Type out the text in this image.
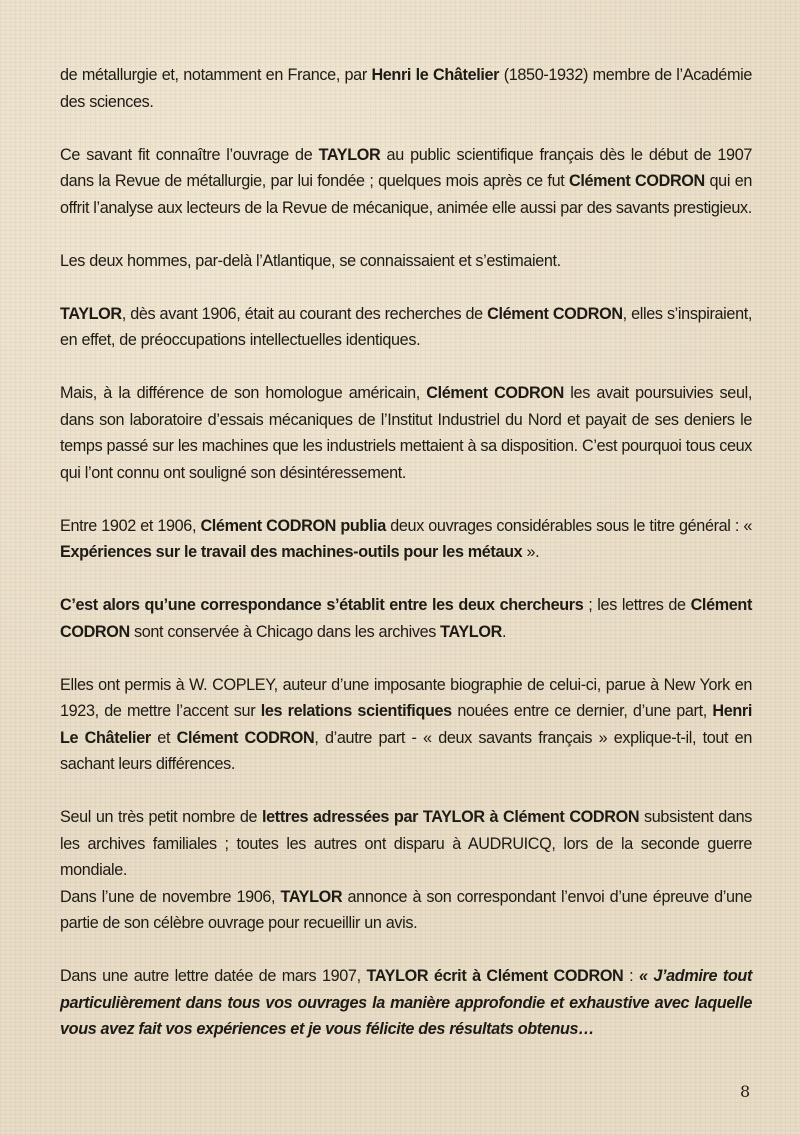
de métallurgie et, notamment en France, par Henri le Châtelier (1850-1932) membre de l’Académie des sciences.

Ce savant fit connaître l’ouvrage de TAYLOR au public scientifique français dès le début de 1907 dans la Revue de métallurgie, par lui fondée ; quelques mois après ce fut Clément CODRON qui en offrit l’analyse aux lecteurs de la Revue de mécanique, animée elle aussi par des savants prestigieux.

Les deux hommes, par-delà l’Atlantique, se connaissaient et s’estimaient.

TAYLOR, dès avant 1906, était au courant des recherches de Clément CODRON, elles s’inspiraient, en effet, de préoccupations intellectuelles identiques.

Mais, à la différence de son homologue américain, Clément CODRON les avait poursuivies seul, dans son laboratoire d’essais mécaniques de l’Institut Industriel du Nord et payait de ses deniers le temps passé sur les machines que les industriels mettaient à sa disposition. C’est pourquoi tous ceux qui l’ont connu ont souligné son désintéressement.

Entre 1902 et 1906, Clément CODRON publia deux ouvrages considérables sous le titre général : « Expériences sur le travail des machines-outils pour les métaux ».

C’est alors qu’une correspondance s’établit entre les deux chercheurs ; les lettres de Clément CODRON sont conservée à Chicago dans les archives TAYLOR.

Elles ont permis à W. COPLEY, auteur d’une imposante biographie de celui-ci, parue à New York en 1923, de mettre l’accent sur les relations scientifiques nouées entre ce dernier, d’une part, Henri Le Châtelier et Clément CODRON, d’autre part - « deux savants français » explique-t-il, tout en sachant leurs différences.

Seul un très petit nombre de lettres adressées par TAYLOR à Clément CODRON subsistent dans les archives familiales ; toutes les autres ont disparu à AUDRUICQ, lors de la seconde guerre mondiale.

Dans l’une de novembre 1906, TAYLOR annonce à son correspondant l’envoi d’une épreuve d’une partie de son célèbre ouvrage pour recueillir un avis.

Dans une autre lettre datée de mars 1907, TAYLOR écrit à Clément CODRON : « J’admire tout particulièrement dans tous vos ouvrages la manière approfondie et exhaustive avec laquelle vous avez fait vos expériences et je vous félicite des résultats obtenus…

8
